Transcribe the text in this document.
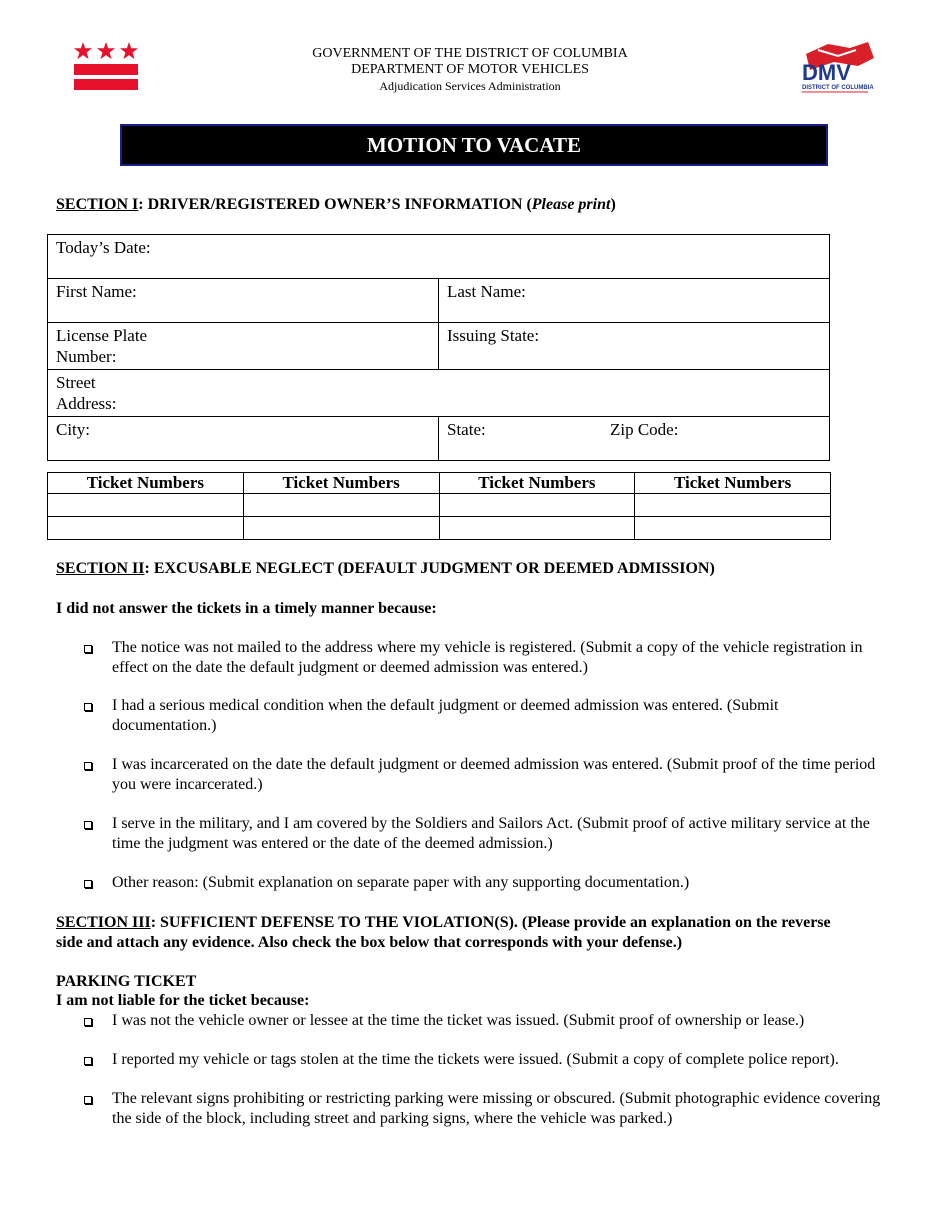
GOVERNMENT OF THE DISTRICT OF COLUMBIA
DEPARTMENT OF MOTOR VEHICLES
Adjudication Services Administration
DMV
DISTRICT OF COLUMBIA
MOTION TO VACATE
SECTION I: DRIVER/REGISTERED OWNER’S INFORMATION (Please print)
Today’s Date:	
First Name:	Last Name:

License Plate Number:	Issuing State:

Street Address:	

City:	State: Zip Code:
Ticket Numbers	Ticket Numbers	Ticket Numbers	Ticket Numbers

SECTION II: EXCUSABLE NEGLECT (DEFAULT JUDGMENT OR DEEMED ADMISSION)
I did not answer the tickets in a timely manner because:
The notice was not mailed to the address where my vehicle is registered. (Submit a copy of the vehicle registration in effect on the date the default judgment or deemed admission was entered.)
I had a serious medical condition when the default judgment or deemed admission was entered. (Submit documentation.)
I was incarcerated on the date the default judgment or deemed admission was entered. (Submit proof of the time period you were incarcerated.)
I serve in the military, and I am covered by the Soldiers and Sailors Act. (Submit proof of active military service at the time the judgment was entered or the date of the deemed admission.)
Other reason: (Submit explanation on separate paper with any supporting documentation.)
SECTION III: SUFFICIENT DEFENSE TO THE VIOLATION(S). (Please provide an explanation on the reverse side and attach any evidence. Also check the box below that corresponds with your defense.)
PARKING TICKET
I am not liable for the ticket because:
I was not the vehicle owner or lessee at the time the ticket was issued. (Submit proof of ownership or lease.)
I reported my vehicle or tags stolen at the time the tickets were issued. (Submit a copy of complete police report).
The relevant signs prohibiting or restricting parking were missing or obscured. (Submit photographic evidence covering the side of the block, including street and parking signs, where the vehicle was parked.)
